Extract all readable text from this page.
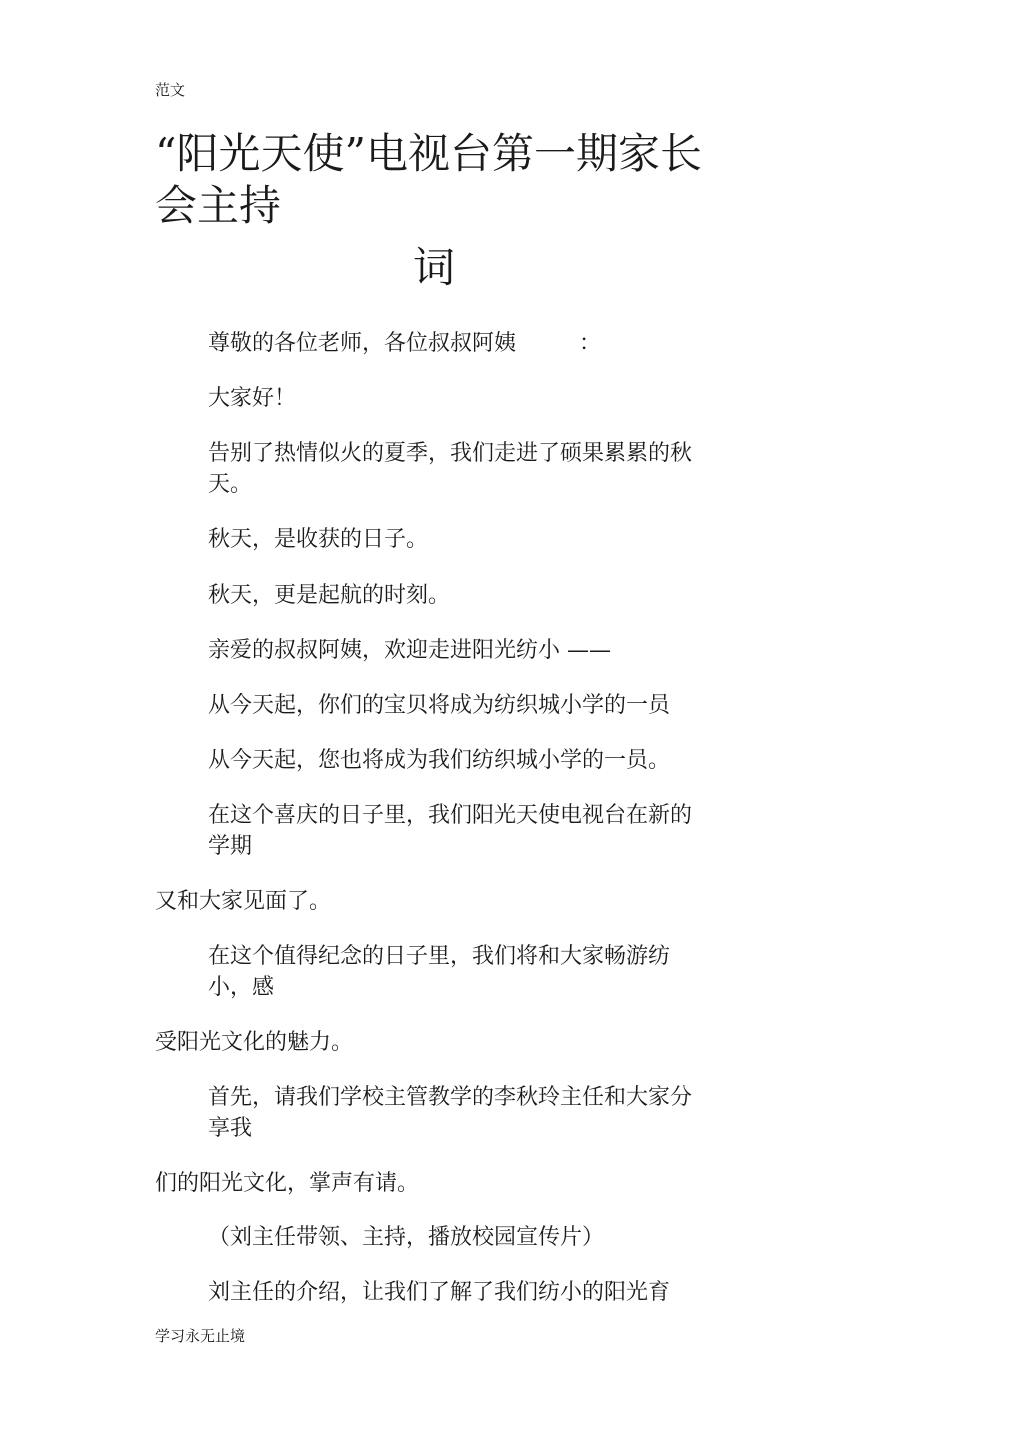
范文
“阳光天使”电视台第一期家长会主持
词

尊敬的各位老师，各位叔叔阿姨         ：

大家好！

告别了热情似火的夏季，我们走进了硕果累累的秋天。

秋天，是收获的日子。

秋天，更是起航的时刻。

亲爱的叔叔阿姨，欢迎走进阳光纺小 ——

从今天起，你们的宝贝将成为纺织城小学的一员

从今天起，您也将成为我们纺织城小学的一员。

在这个喜庆的日子里，我们阳光天使电视台在新的学期

又和大家见面了。

在这个值得纪念的日子里，我们将和大家畅游纺小，感

受阳光文化的魅力。

首先，请我们学校主管教学的李秋玲主任和大家分享我

们的阳光文化，掌声有请。

（刘主任带领、主持，播放校园宣传片）

刘主任的介绍，让我们了解了我们纺小的阳光育

学习永无止境
